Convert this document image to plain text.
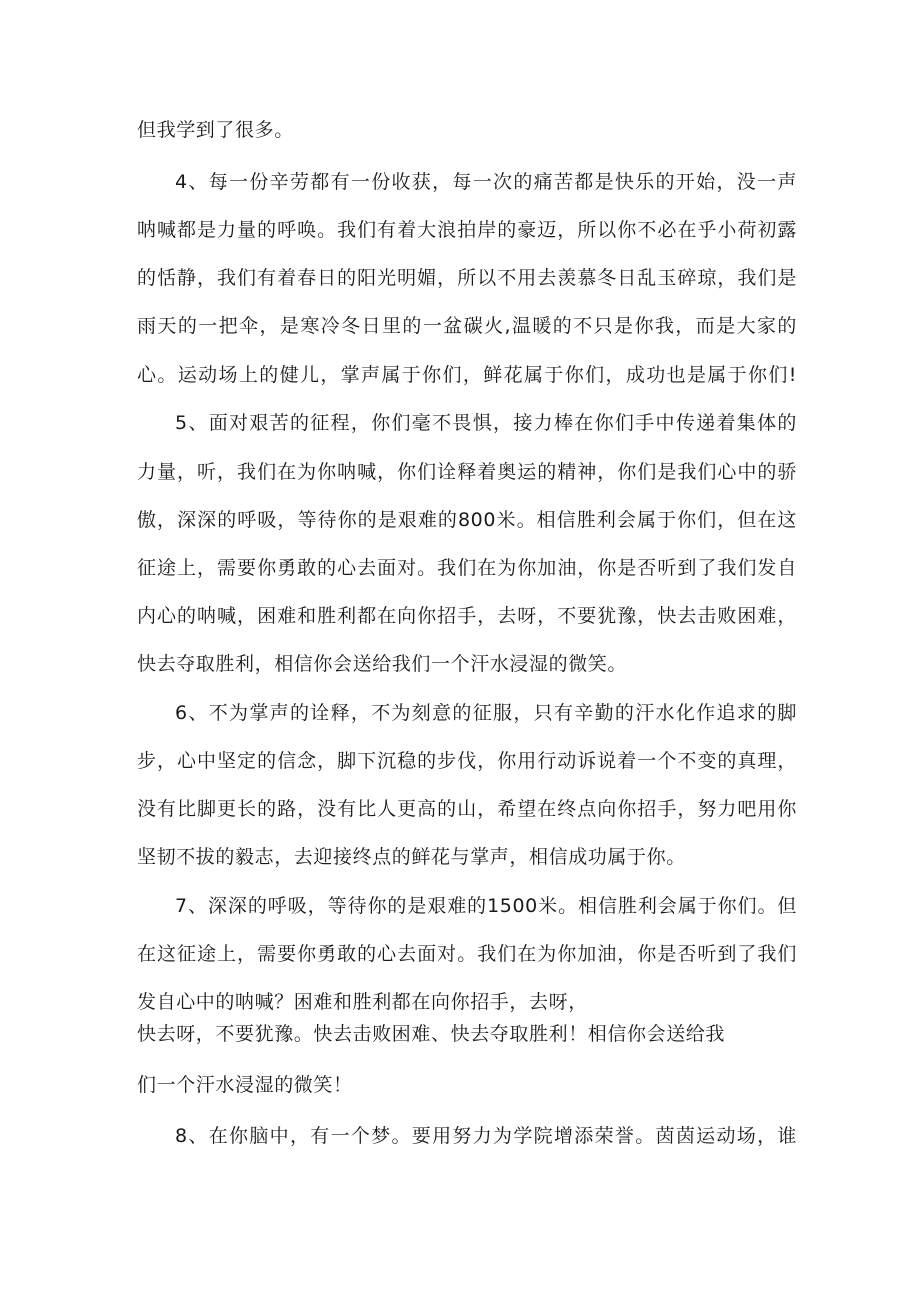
但我学到了很多。
4、每一份辛劳都有一份收获，每一次的痛苦都是快乐的开始，没一声
呐喊都是力量的呼唤。我们有着大浪拍岸的豪迈，所以你不必在乎小荷初露
的恬静，我们有着春日的阳光明媚，所以不用去羡慕冬日乱玉碎琼，我们是
雨天的一把伞，是寒冷冬日里的一盆碳火,温暖的不只是你我，而是大家的
心。运动场上的健儿，掌声属于你们，鲜花属于你们，成功也是属于你们!
5、面对艰苦的征程，你们毫不畏惧，接力棒在你们手中传递着集体的
力量，听，我们在为你呐喊，你们诠释着奥运的精神，你们是我们心中的骄
傲，深深的呼吸，等待你的是艰难的800米。相信胜利会属于你们，但在这
征途上，需要你勇敢的心去面对。我们在为你加油，你是否听到了我们发自
内心的呐喊，困难和胜利都在向你招手，去呀，不要犹豫，快去击败困难，
快去夺取胜利，相信你会送给我们一个汗水浸湿的微笑。
6、不为掌声的诠释，不为刻意的征服，只有辛勤的汗水化作追求的脚
步，心中坚定的信念，脚下沉稳的步伐，你用行动诉说着一个不变的真理，
没有比脚更长的路，没有比人更高的山，希望在终点向你招手，努力吧用你
坚韧不拔的毅志，去迎接终点的鲜花与掌声，相信成功属于你。
7、深深的呼吸，等待你的是艰难的1500米。相信胜利会属于你们。但
在这征途上，需要你勇敢的心去面对。我们在为你加油，你是否听到了我们
发自心中的呐喊？困难和胜利都在向你招手，去呀，
快去呀，不要犹豫。快去击败困难、快去夺取胜利！相信你会送给我
们一个汗水浸湿的微笑！
8、在你脑中，有一个梦。要用努力为学院增添荣誉。茵茵运动场，谁
